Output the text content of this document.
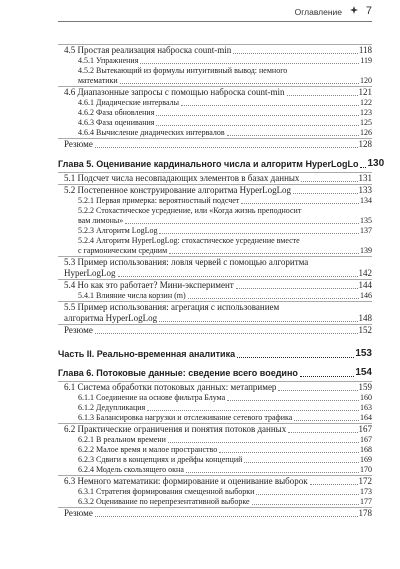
Оглавление 7
4.5 Простая реализация наброска count-min	118
4.5.1 Упражнения	119
4.5.2 Вытекающий из формулы интуитивный вывод: немного
математики	120
4.6 Диапазонные запросы с помощью наброска count-min	121
4.6.1 Диадические интервалы	122
4.6.2 Фаза обновления	123
4.6.3 Фаза оценивания	125
4.6.4 Вычисление диадических интервалов	126
Резюме	128
Глава 5. Оценивание кардинального числа и алгоритм HyperLogLo 130
5.1 Подсчет числа несовпадающих элементов в базах данных	131
5.2 Постепенное конструирование алгоритма HyperLogLog	133
5.2.1 Первая примерка: вероятностный подсчет	134
5.2.2 Стохастическое усреднение, или «Когда жизнь преподносит
вам лимоны»	135
5.2.3 Алгоритм LogLog	137
5.2.4 Алгоритм HyperLogLog: стохастическое усреднение вместе
с гармоническим средним	139
5.3 Пример использования: ловля червей с помощью алгоритма
HyperLogLog	142
5.4 Но как это работает? Мини-эксперимент	144
5.4.1 Влияние числа корзин (m)	146
5.5 Пример использования: агрегация с использованием
алгоритма HyperLogLog	148
Резюме	152
Часть II. Реально-временная аналитика	153
Глава 6. Потоковые данные: сведение всего воедино	154
6.1 Система обработки потоковых данных: метапример	159
6.1.1 Соединение на основе фильтра Блума	160
6.1.2 Дедупликация	163
6.1.3 Балансировка нагрузки и отслеживание сетевого трафика	164
6.2 Практические ограничения и понятия потоков данных	167
6.2.1 В реальном времени	167
6.2.2 Малое время и малое пространство	168
6.2.3 Сдвиги в концепциях и дрейфы концепций	169
6.2.4 Модель скользящего окна	170
6.3 Немного математики: формирование и оценивание выборок	172
6.3.1 Стратегия формирования смещенной выборки	173
6.3.2 Оценивание по нерепрезентативной выборке	177
Резюме	178
